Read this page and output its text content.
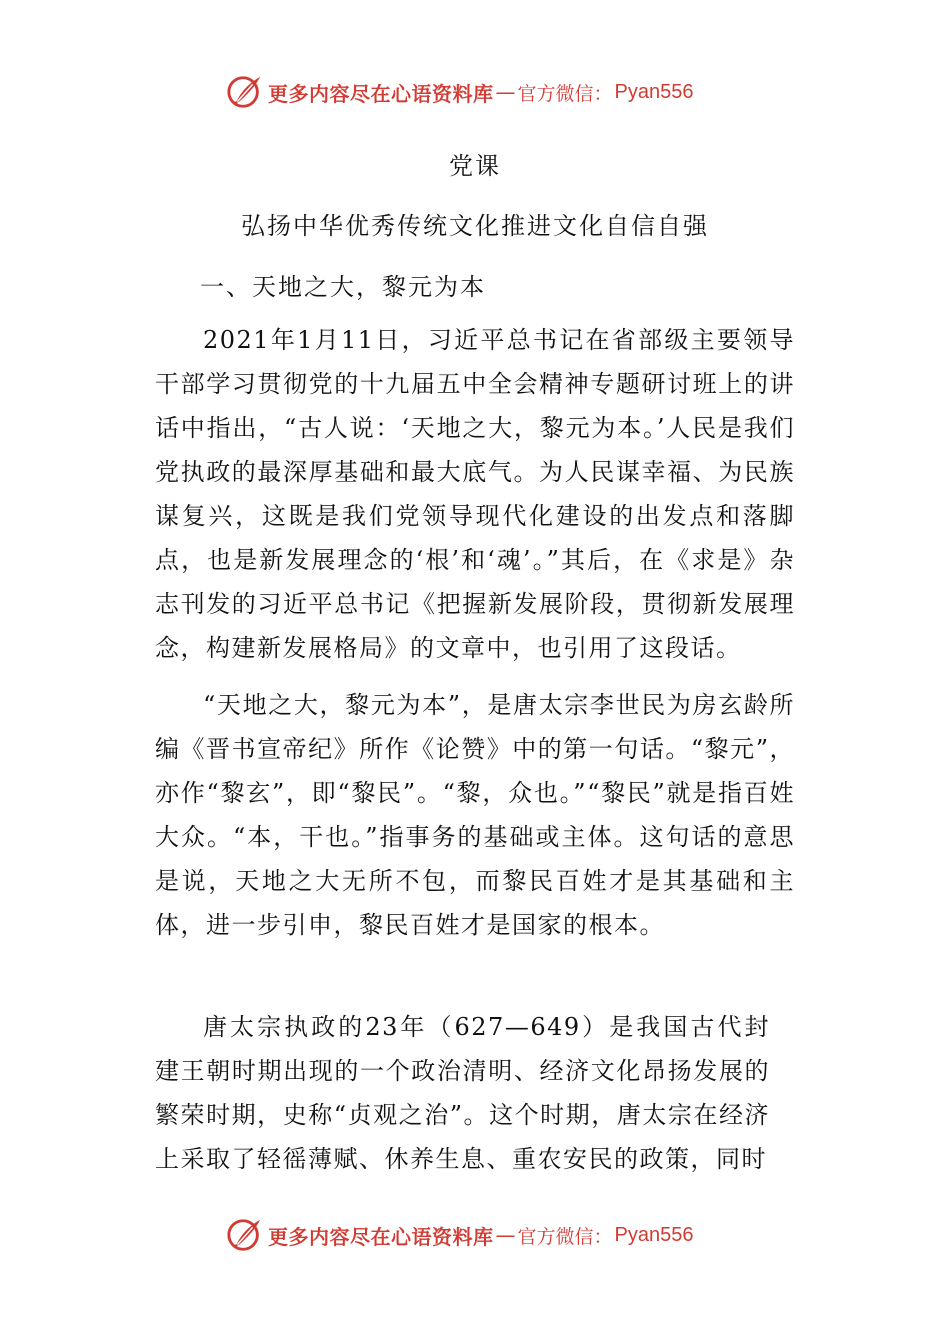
更多内容尽在心语资料库 — 官方微信： Pyan556
党课
弘扬中华优秀传统文化推进文化自信自强
一、天地之大，黎元为本

2021年1月11日，习近平总书记在省部级主要领导干部学习贯彻党的十九届五中全会精神专题研讨班上的讲话中指出，“古人说：‘天地之大，黎元为本。’人民是我们党执政的最深厚基础和最大底气。为人民谋幸福、为民族谋复兴，这既是我们党领导现代化建设的出发点和落脚点，也是新发展理念的‘根’和‘魂’。”其后，在《求是》杂志刊发的习近平总书记《把握新发展阶段，贯彻新发展理念，构建新发展格局》的文章中，也引用了这段话。

“天地之大，黎元为本”，是唐太宗李世民为房玄龄所编《晋书宣帝纪》所作《论赞》中的第一句话。“黎元”，亦作“黎玄”，即“黎民”。“黎，众也。”“黎民”就是指百姓大众。“本，干也。”指事务的基础或主体。这句话的意思是说，天地之大无所不包，而黎民百姓才是其基础和主体，进一步引申，黎民百姓才是国家的根本。

唐太宗执政的23年（627—649）是我国古代封建王朝时期出现的一个政治清明、经济文化昂扬发展的繁荣时期，史称“贞观之治”。这个时期，唐太宗在经济上采取了轻徭薄赋、休养生息、重农安民的政策，同时

更多内容尽在心语资料库 — 官方微信： Pyan556
